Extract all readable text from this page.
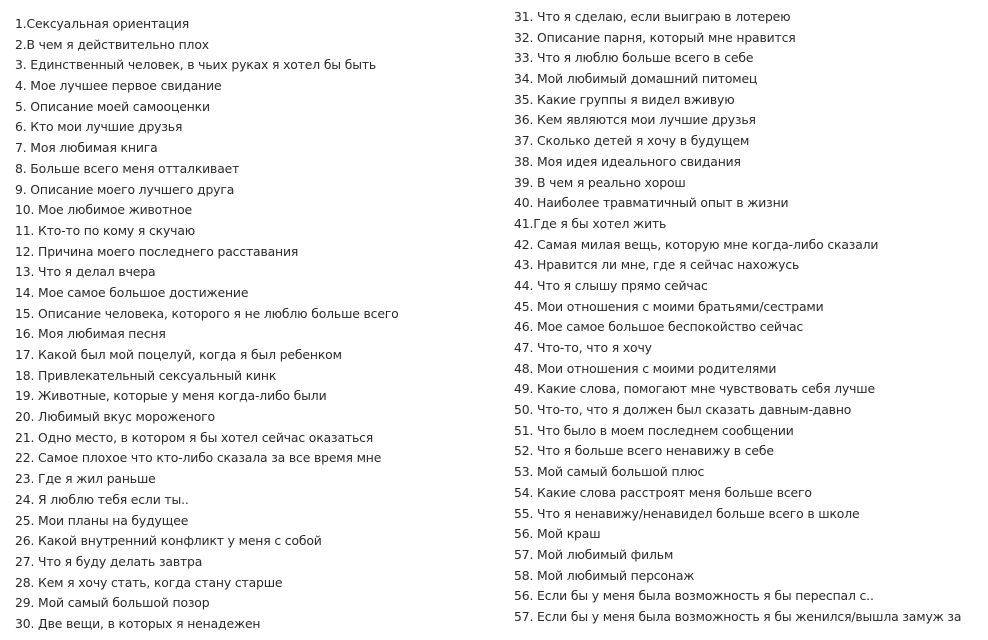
1.Сексуальная ориентация
2.В чем я действительно плох
3. Единственный человек, в чьих руках я хотел бы быть
4. Мое лучшее первое свидание
5. Описание моей самооценки
6. Кто мои лучшие друзья
7. Моя любимая книга
8. Больше всего меня отталкивает
9. Описание моего лучшего друга
10. Мое любимое животное
11. Кто-то по кому я скучаю
12. Причина моего последнего расставания
13. Что я делал вчера
14. Мое самое большое достижение
15. Описание человека, которого я не люблю больше всего
16. Моя любимая песня
17. Какой был мой поцелуй, когда я был ребенком
18. Привлекательный сексуальный кинк
19. Животные, которые у меня когда-либо были
20. Любимый вкус мороженого
21. Одно место, в котором я бы хотел сейчас оказаться
22. Самое плохое что кто-либо сказала за все время мне
23. Где я жил раньше
24. Я люблю тебя если ты..
25. Мои планы на будущее
26. Какой внутренний конфликт у меня с собой
27. Что я буду делать завтра
28. Кем я хочу стать, когда стану старше
29. Мой самый большой позор
30. Две вещи, в которых я ненадежен
31. Что я сделаю, если выиграю в лотерею
32. Описание парня, который мне нравится
33. Что я люблю больше всего в себе
34. Мой любимый домашний питомец
35. Какие группы я видел вживую
36. Кем являются мои лучшие друзья
37. Сколько детей я хочу в будущем
38. Моя идея идеального свидания
39. В чем я реально хорош
40. Наиболее травматичный опыт в жизни
41.Где я бы хотел жить
42. Самая милая вещь, которую мне когда-либо сказали
43. Нравится ли мне, где я сейчас нахожусь
44. Что я слышу прямо сейчас
45. Мои отношения с моими братьями/сестрами
46. Мое самое большое беспокойство сейчас
47. Что-то, что я хочу
48. Мои отношения с моими родителями
49. Какие слова, помогают мне чувствовать себя лучше
50. Что-то, что я должен был сказать давным-давно
51. Что было в моем последнем сообщении
52. Что я больше всего ненавижу в себе
53. Мой самый большой плюс
54. Какие слова расстроят меня больше всего
55. Что я ненавижу/ненавидел больше всего в школе
56. Мой краш
57. Мой любимый фильм
58. Мой любимый персонаж
56. Если бы у меня была возможность я бы переспал с..
57. Если бы у меня была возможность я бы женился/вышла замуж за
